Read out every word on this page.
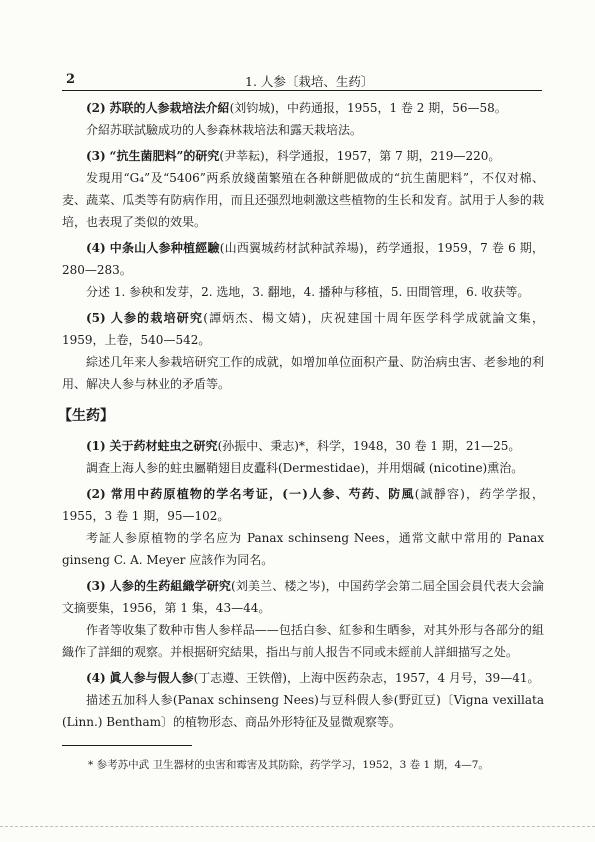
2	1. 人参〔栽培、生药〕

(2) 苏联的人参栽培法介紹(刘钧城)，中药通报，1955，1 卷 2 期，56—58。

介紹苏联試驗成功的人参森林栽培法和露天栽培法。

(3) “抗生菌肥料”的研究(尹莘耘)，科学通报，1957，第 7 期，219—220。

发現用“G₄”及“5406”两系放綫菌繁殖在各种餅肥做成的“抗生菌肥料”，不仅对棉、麦、蔬菜、瓜类等有防病作用，而且还强烈地刺激这些植物的生长和发育。試用于人参的栽培，也表現了类似的效果。

(4) 中条山人参种植經驗(山西翼城药材試种試养場)，药学通报，1959，7 卷 6 期，280—283。

分述 1. 参秧和发芽，2. 选地，3. 翻地，4. 播种与移植，5. 田間管理，6. 收获等。

(5) 人参的栽培研究(譚炳杰、楊文婧)，庆祝建国十周年医学科学成就論文集，1959，上卷，540—542。

綜述几年来人参栽培研究工作的成就，如增加单位面积产量、防治病虫害、老参地的利用、解决人参与林业的矛盾等。

【生药】

(1) 关于药材蛀虫之研究(孙振中、秉志)*，科学，1948，30 卷 1 期，21—25。

調查上海人参的蛀虫屬鞘翅目皮蠹科(Dermestidae)，并用烟碱 (nicotine)熏治。

(2) 常用中药原植物的学名考证，(一)人参、芍药、防風(誠靜容)，药学学报，1955，3 卷 1 期，95—102。

考証人参原植物的学名应为 Panax schinseng Nees，通常文献中常用的 Panax ginseng C. A. Meyer 应該作为同名。

(3) 人参的生药組織学研究(刘美兰、楼之岑)，中国药学会第二屆全国会員代表大会論文摘要集，1956，第 1 集，43—44。

作者等收集了数种市售人参样品——包括白参、紅参和生晒参，对其外形与各部分的組織作了詳細的观察。并根据研究結果，指出与前人报告不同或未經前人詳細描写之处。

(4) 眞人参与假人参(丁志遵、王铁僧)，上海中医药杂志，1957，4 月号，39—41。

描述五加科人参(Panax schinseng Nees)与豆科假人参(野豇豆)〔Vigna vexillata (Linn.) Bentham〕的植物形态、商品外形特征及显微观察等。

* 参考苏中武 卫生器材的虫害和霉害及其防除，药学学习，1952，3 卷 1 期，4—7。
